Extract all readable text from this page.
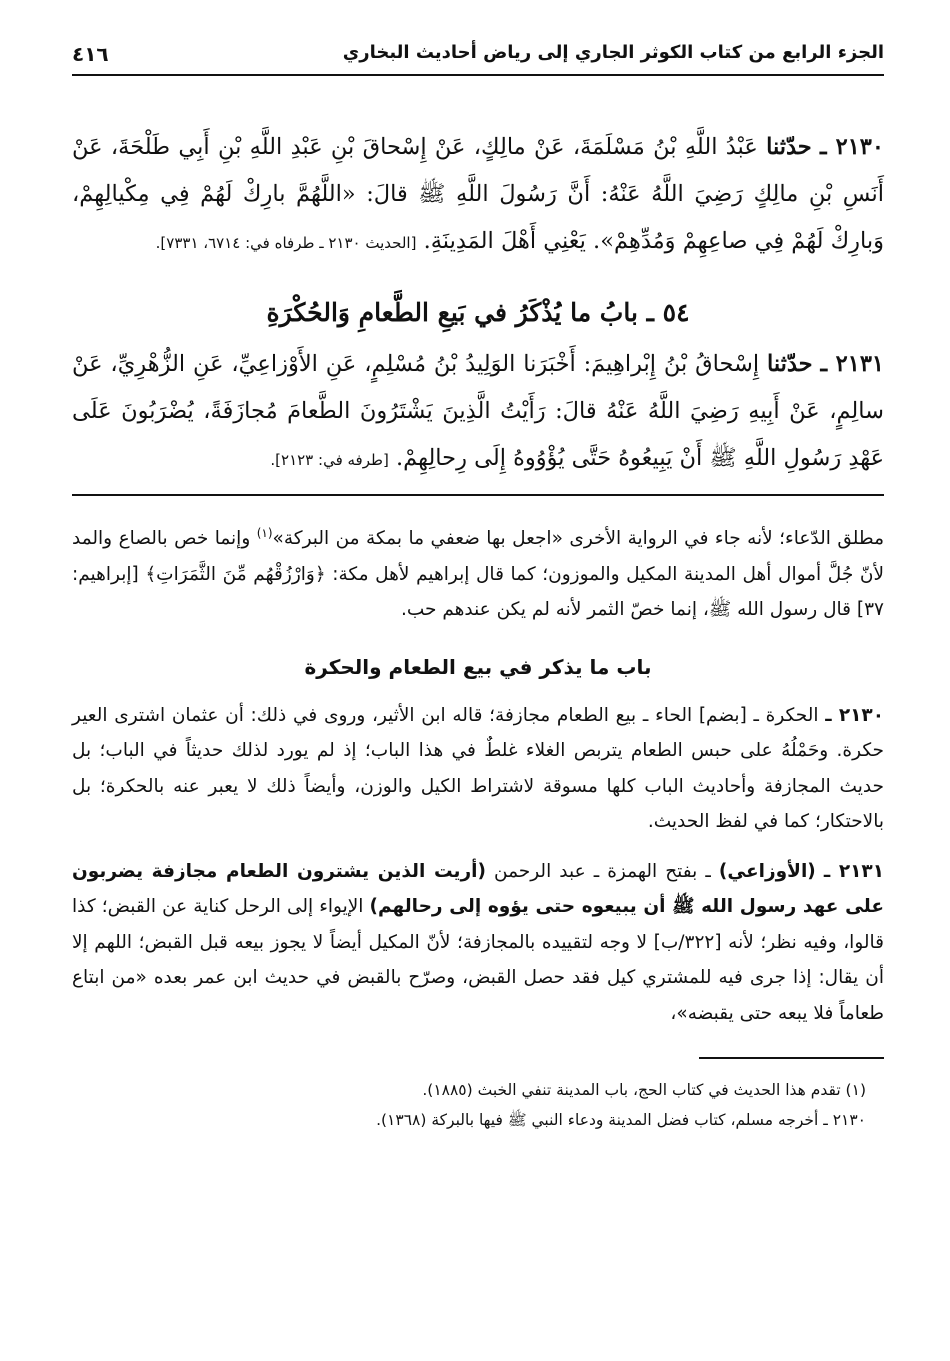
الجزء الرابع من كتاب الكوثر الجاري إلى رياض أحاديث البخاري
٤١٦

٢١٣٠ ـ حدّثنا عَبْدُ اللَّهِ بْنُ مَسْلَمَةَ، عَنْ مالِكٍ، عَنْ إِسْحاقَ بْنِ عَبْدِ اللَّهِ بْنِ أَبِي طَلْحَةَ، عَنْ أَنَسِ بْنِ مالِكٍ رَضِيَ اللَّهُ عَنْهُ: أَنَّ رَسُولَ اللَّهِ ﷺ قالَ: «اللَّهُمَّ بارِكْ لَهُمْ فِي مِكْيالِهِمْ، وَبارِكْ لَهُمْ فِي صاعِهِمْ وَمُدِّهِمْ». يَعْنِي أَهْلَ المَدِينَةِ. [الحديث ٢١٣٠ ـ طرفاه في: ٦٧١٤، ٧٣٣١].

٥٤ ـ بابُ ما يُذْكَرُ في بَيعِ الطَّعامِ وَالحُكْرَةِ

٢١٣١ ـ حدّثنا إِسْحاقُ بْنُ إِبْراهِيمَ: أَخْبَرَنا الوَلِيدُ بْنُ مُسْلِمٍ، عَنِ الأَوْزاعِيِّ، عَنِ الزُّهْرِيِّ، عَنْ سالِمٍ، عَنْ أَبِيهِ رَضِيَ اللَّهُ عَنْهُ قالَ: رَأَيْتُ الَّذِينَ يَشْتَرُونَ الطَّعامَ مُجازَفَةً، يُضْرَبُونَ عَلَى عَهْدِ رَسُولِ اللَّهِ ﷺ أَنْ يَبِيعُوهُ حَتَّى يُؤْوُوهُ إِلَى رِحالِهِمْ. [طرفه في: ٢١٢٣].

مطلق الدّعاء؛ لأنه جاء في الرواية الأخرى «اجعل بها ضعفي ما بمكة من البركة»$^{(١)}$ وإنما خص بالصاع والمد لأنّ جُلَّ أموال أهل المدينة المكيل والموزون؛ كما قال إبراهيم لأهل مكة: ﴿وَارْزُقْهُم مِّنَ الثَّمَرَاتِ﴾ [إبراهيم: ٣٧] قال رسول الله ﷺ، إنما خصّ الثمر لأنه لم يكن عندهم حب.

باب ما يذكر في بيع الطعام والحكرة

٢١٣٠ ـ الحكرة ـ [بضم] الحاء ـ بيع الطعام مجازفة؛ قاله ابن الأثير، وروى في ذلك: أن عثمان اشترى العير حكرة. وحَمْلُهُ على حبس الطعام يتربص الغلاء غلطٌ في هذا الباب؛ إذ لم يورد لذلك حديثاً في الباب؛ بل حديث المجازفة وأحاديث الباب كلها مسوقة لاشتراط الكيل والوزن، وأيضاً ذلك لا يعبر عنه بالحكرة؛ بل بالاحتكار؛ كما في لفظ الحديث.

٢١٣١ ـ (الأوزاعي) ـ بفتح الهمزة ـ عبد الرحمن (أريت الذين يشترون الطعام مجازفة يضربون على عهد رسول الله ﷺ أن يبيعوه حتى يؤوه إلى رحالهم) الإيواء إلى الرحل كناية عن القبض؛ كذا قالوا، وفيه نظر؛ لأنه [٣٢٢/ب] لا وجه لتقييده بالمجازفة؛ لأنّ المكيل أيضاً لا يجوز بيعه قبل القبض؛ اللهم إلا أن يقال: إذا جرى فيه للمشتري كيل فقد حصل القبض، وصرّح بالقبض في حديث ابن عمر بعده «من ابتاع طعاماً فلا يبعه حتى يقبضه»،

(١) تقدم هذا الحديث في كتاب الحج، باب المدينة تنفي الخبث (١٨٨٥).

٢١٣٠ ـ أخرجه مسلم، كتاب فضل المدينة ودعاء النبي ﷺ فيها بالبركة (١٣٦٨).
